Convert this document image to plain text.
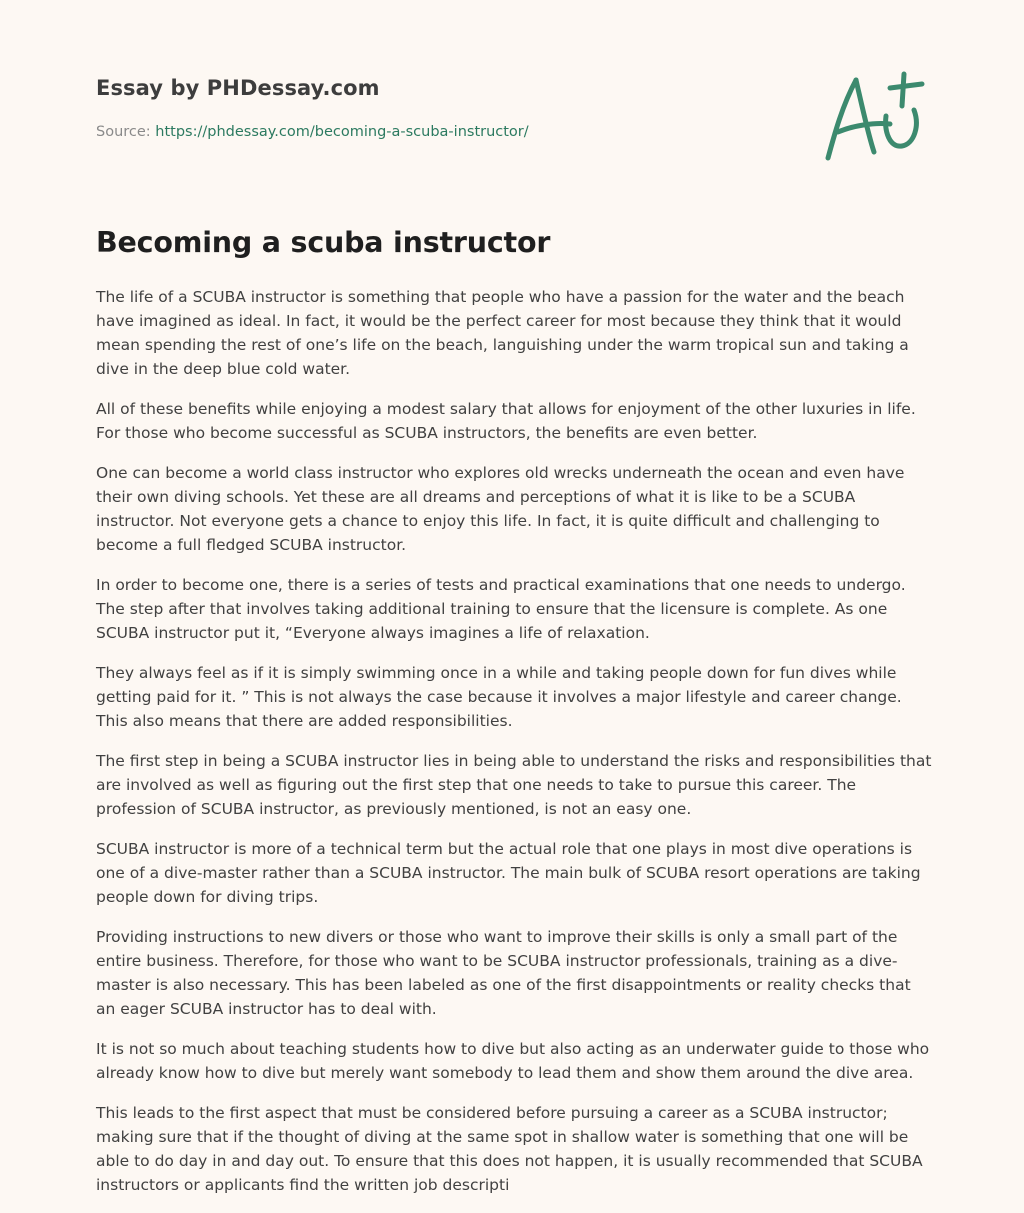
Essay by PHDessay.com
Source: https://phdessay.com/becoming-a-scuba-instructor/
Becoming a scuba instructor

The life of a SCUBA instructor is something that people who have a passion for the water and the beach have imagined as ideal. In fact, it would be the perfect career for most because they think that it would mean spending the rest of one’s life on the beach, languishing under the warm tropical sun and taking a dive in the deep blue cold water.

All of these benefits while enjoying a modest salary that allows for enjoyment of the other luxuries in life. For those who become successful as SCUBA instructors, the benefits are even better.

One can become a world class instructor who explores old wrecks underneath the ocean and even have their own diving schools. Yet these are all dreams and perceptions of what it is like to be a SCUBA instructor. Not everyone gets a chance to enjoy this life. In fact, it is quite difficult and challenging to become a full fledged SCUBA instructor.

In order to become one, there is a series of tests and practical examinations that one needs to undergo. The step after that involves taking additional training to ensure that the licensure is complete. As one SCUBA instructor put it, “Everyone always imagines a life of relaxation.

They always feel as if it is simply swimming once in a while and taking people down for fun dives while getting paid for it. ” This is not always the case because it involves a major lifestyle and career change. This also means that there are added responsibilities.

The first step in being a SCUBA instructor lies in being able to understand the risks and responsibilities that are involved as well as figuring out the first step that one needs to take to pursue this career. The profession of SCUBA instructor, as previously mentioned, is not an easy one.

SCUBA instructor is more of a technical term but the actual role that one plays in most dive operations is one of a dive-master rather than a SCUBA instructor. The main bulk of SCUBA resort operations are taking people down for diving trips.

Providing instructions to new divers or those who want to improve their skills is only a small part of the entire business. Therefore, for those who want to be SCUBA instructor professionals, training as a dive-master is also necessary. This has been labeled as one of the first disappointments or reality checks that an eager SCUBA instructor has to deal with.

It is not so much about teaching students how to dive but also acting as an underwater guide to those who already know how to dive but merely want somebody to lead them and show them around the dive area.

This leads to the first aspect that must be considered before pursuing a career as a SCUBA instructor; making sure that if the thought of diving at the same spot in shallow water is something that one will be able to do day in and day out. To ensure that this does not happen, it is usually recommended that SCUBA instructors or applicants find the written job descripti
